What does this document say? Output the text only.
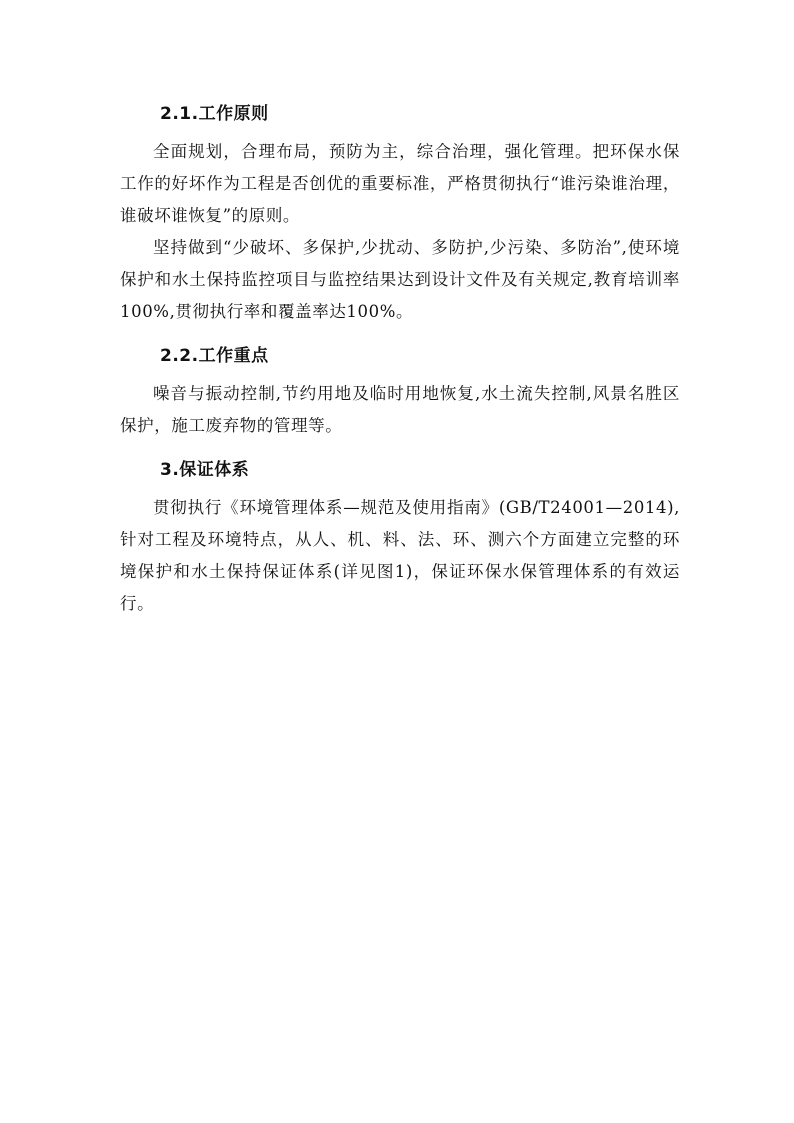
2.1.工作原则

全面规划，合理布局，预防为主，综合治理，强化管理。把环保水保工作的好坏作为工程是否创优的重要标准，严格贯彻执行“谁污染谁治理，谁破坏谁恢复”的原则。

坚持做到“少破坏、多保护,少扰动、多防护,少污染、多防治”,使环境保护和水土保持监控项目与监控结果达到设计文件及有关规定,教育培训率100%,贯彻执行率和覆盖率达100%。

2.2.工作重点

噪音与振动控制,节约用地及临时用地恢复,水土流失控制,风景名胜区保护，施工废弃物的管理等。

3.保证体系

贯彻执行《环境管理体系—规范及使用指南》(GB/T24001—2014),针对工程及环境特点，从人、机、料、法、环、测六个方面建立完整的环境保护和水土保持保证体系(详见图1)，保证环保水保管理体系的有效运行。
